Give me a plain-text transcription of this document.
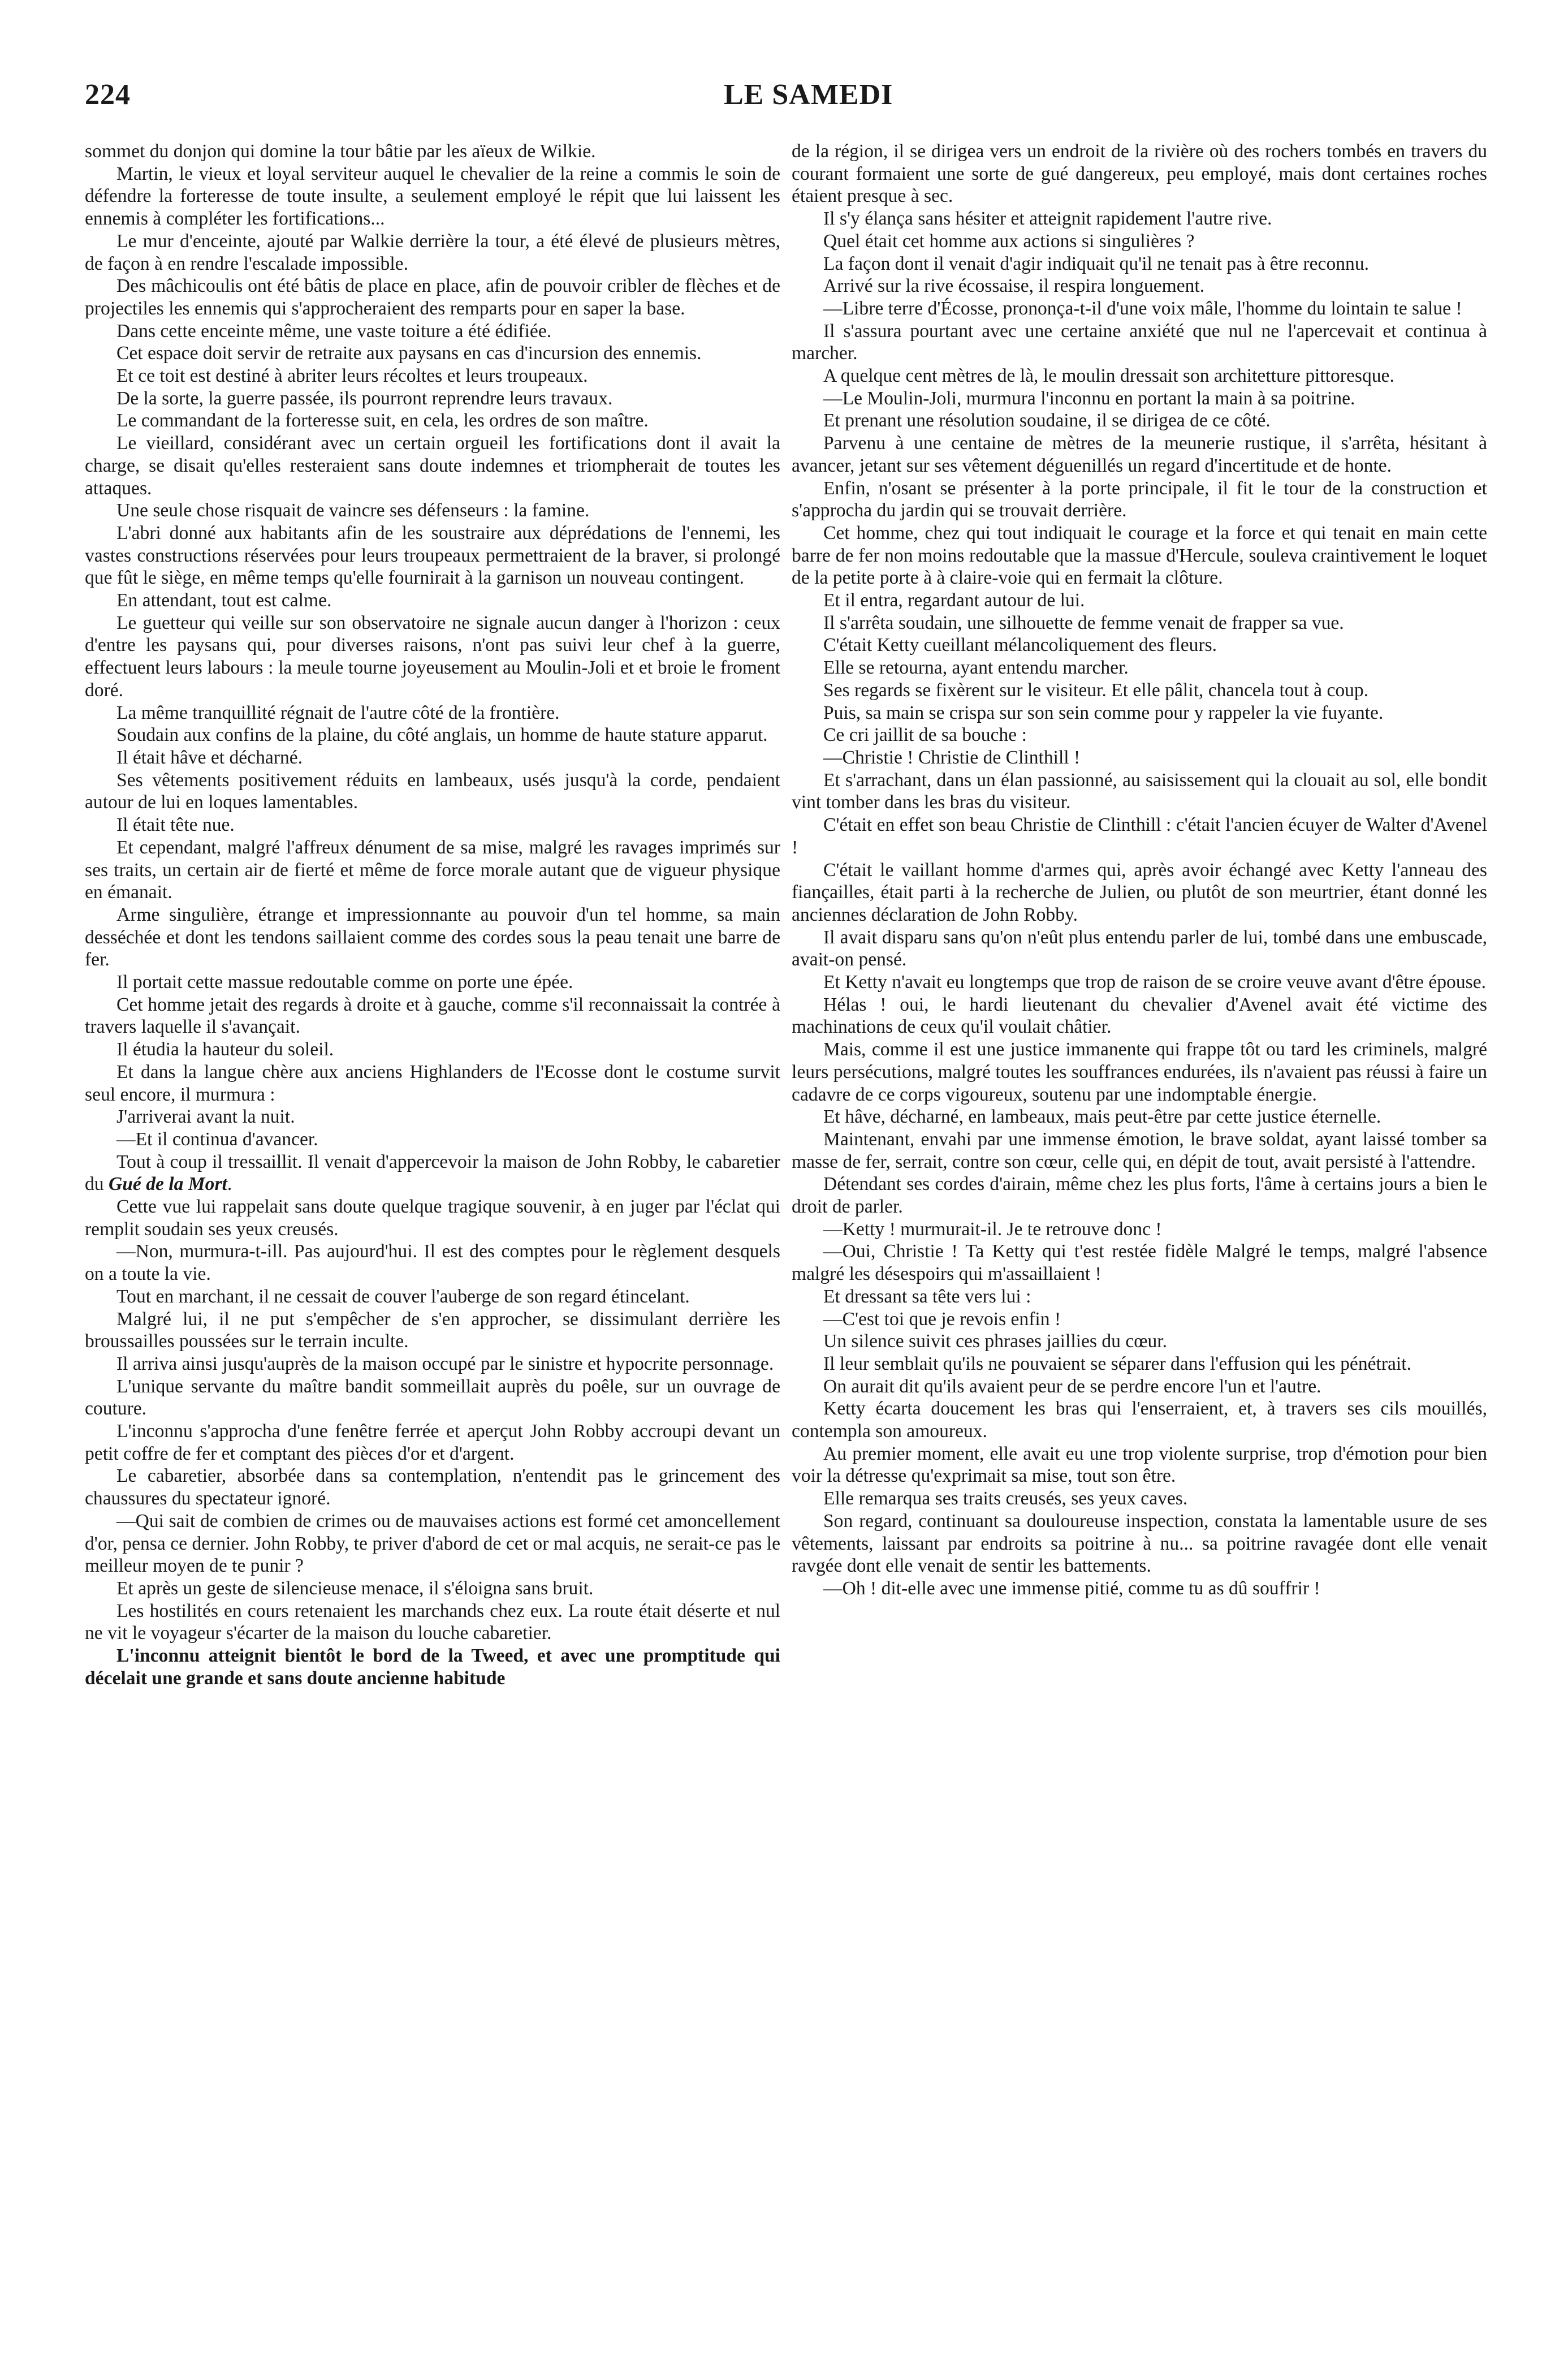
224	LE SAMEDI

sommet du donjon qui domine la tour bâtie par les aïeux de Wilkie.

Martin, le vieux et loyal serviteur auquel le chevalier de la reine a commis le soin de défendre la forteresse de toute insulte, a seulement employé le répit que lui laissent les ennemis à compléter les fortifications...

Le mur d'enceinte, ajouté par Walkie derrière la tour, a été élevé de plusieurs mètres, de façon à en rendre l'escalade impossible.

Des mâchicoulis ont été bâtis de place en place, afin de pouvoir cribler de flèches et de projectiles les ennemis qui s'approcheraient des remparts pour en saper la base.

Dans cette enceinte même, une vaste toiture a été édifiée.

Cet espace doit servir de retraite aux paysans en cas d'incursion des ennemis.

Et ce toit est destiné à abriter leurs récoltes et leurs troupeaux.

De la sorte, la guerre passée, ils pourront reprendre leurs travaux.

Le commandant de la forteresse suit, en cela, les ordres de son maître.

Le vieillard, considérant avec un certain orgueil les fortifications dont il avait la charge, se disait qu'elles resteraient sans doute indemnes et triompherait de toutes les attaques.

Une seule chose risquait de vaincre ses défenseurs : la famine.

L'abri donné aux habitants afin de les soustraire aux déprédations de l'ennemi, les vastes constructions réservées pour leurs troupeaux permettraient de la braver, si prolongé que fût le siège, en même temps qu'elle fournirait à la garnison un nouveau contingent.

En attendant, tout est calme.

Le guetteur qui veille sur son observatoire ne signale aucun danger à l'horizon : ceux d'entre les paysans qui, pour diverses raisons, n'ont pas suivi leur chef à la guerre, effectuent leurs labours : la meule tourne joyeusement au Moulin-Joli et et broie le froment doré.

La même tranquillité régnait de l'autre côté de la frontière.

Soudain aux confins de la plaine, du côté anglais, un homme de haute stature apparut.

Il était hâve et décharné.

Ses vêtements positivement réduits en lambeaux, usés jusqu'à la corde, pendaient autour de lui en loques lamentables.

Il était tête nue.

Et cependant, malgré l'affreux dénument de sa mise, malgré les ravages imprimés sur ses traits, un certain air de fierté et même de force morale autant que de vigueur physique en émanait.

Arme singulière, étrange et impressionnante au pouvoir d'un tel homme, sa main desséchée et dont les tendons saillaient comme des cordes sous la peau tenait une barre de fer.

Il portait cette massue redoutable comme on porte une épée.

Cet homme jetait des regards à droite et à gauche, comme s'il reconnaissait la contrée à travers laquelle il s'avançait.

Il étudia la hauteur du soleil.

Et dans la langue chère aux anciens Highlanders de l'Ecosse dont le costume survit seul encore, il murmura :

J'arriverai avant la nuit.

—Et il continua d'avancer.

Tout à coup il tressaillit. Il venait d'appercevoir la maison de John Robby, le cabaretier du Gué de la Mort.

Cette vue lui rappelait sans doute quelque tragique souvenir, à en juger par l'éclat qui remplit soudain ses yeux creusés.

—Non, murmura-t-ill. Pas aujourd'hui. Il est des comptes pour le règlement desquels on a toute la vie.

Tout en marchant, il ne cessait de couver l'auberge de son regard étincelant.

Malgré lui, il ne put s'empêcher de s'en approcher, se dissimulant derrière les broussailles poussées sur le terrain inculte.

Il arriva ainsi jusqu'auprès de la maison occupé par le sinistre et hypocrite personnage.

L'unique servante du maître bandit sommeillait auprès du poêle, sur un ouvrage de couture.

L'inconnu s'approcha d'une fenêtre ferrée et aperçut John Robby accroupi devant un petit coffre de fer et comptant des pièces d'or et d'argent.

Le cabaretier, absorbée dans sa contemplation, n'entendit pas le grincement des chaussures du spectateur ignoré.

—Qui sait de combien de crimes ou de mauvaises actions est formé cet amoncellement d'or, pensa ce dernier. John Robby, te priver d'abord de cet or mal acquis, ne serait-ce pas le meilleur moyen de te punir ?

Et après un geste de silencieuse menace, il s'éloigna sans bruit.

Les hostilités en cours retenaient les marchands chez eux. La route était déserte et nul ne vit le voyageur s'écarter de la maison du louche cabaretier.

L'inconnu atteignit bientôt le bord de la Tweed, et avec une promptitude qui décelait une grande et sans doute ancienne habitude

de la région, il se dirigea vers un endroit de la rivière où des rochers tombés en travers du courant formaient une sorte de gué dangereux, peu employé, mais dont certaines roches étaient presque à sec.

Il s'y élança sans hésiter et atteignit rapidement l'autre rive.

Quel était cet homme aux actions si singulières ?

La façon dont il venait d'agir indiquait qu'il ne tenait pas à être reconnu.

Arrivé sur la rive écossaise, il respira longuement.

—Libre terre d'Écosse, prononça-t-il d'une voix mâle, l'homme du lointain te salue !

Il s'assura pourtant avec une certaine anxiété que nul ne l'apercevait et continua à marcher.

A quelque cent mètres de là, le moulin dressait son architetture pittoresque.

—Le Moulin-Joli, murmura l'inconnu en portant la main à sa poitrine.

Et prenant une résolution soudaine, il se dirigea de ce côté.

Parvenu à une centaine de mètres de la meunerie rustique, il s'arrêta, hésitant à avancer, jetant sur ses vêtement déguenillés un regard d'incertitude et de honte.

Enfin, n'osant se présenter à la porte principale, il fit le tour de la construction et s'approcha du jardin qui se trouvait derrière.

Cet homme, chez qui tout indiquait le courage et la force et qui tenait en main cette barre de fer non moins redoutable que la massue d'Hercule, souleva craintivement le loquet de la petite porte à à claire-voie qui en fermait la clôture.

Et il entra, regardant autour de lui.

Il s'arrêta soudain, une silhouette de femme venait de frapper sa vue.

C'était Ketty cueillant mélancoliquement des fleurs.

Elle se retourna, ayant entendu marcher.

Ses regards se fixèrent sur le visiteur. Et elle pâlit, chancela tout à coup.

Puis, sa main se crispa sur son sein comme pour y rappeler la vie fuyante.

Ce cri jaillit de sa bouche :

—Christie ! Christie de Clinthill !

Et s'arrachant, dans un élan passionné, au saisissement qui la clouait au sol, elle bondit vint tomber dans les bras du visiteur.

C'était en effet son beau Christie de Clinthill : c'était l'ancien écuyer de Walter d'Avenel !

C'était le vaillant homme d'armes qui, après avoir échangé avec Ketty l'anneau des fiançailles, était parti à la recherche de Julien, ou plutôt de son meurtrier, étant donné les anciennes déclaration de John Robby.

Il avait disparu sans qu'on n'eût plus entendu parler de lui, tombé dans une embuscade, avait-on pensé.

Et Ketty n'avait eu longtemps que trop de raison de se croire veuve avant d'être épouse.

Hélas ! oui, le hardi lieutenant du chevalier d'Avenel avait été victime des machinations de ceux qu'il voulait châtier.

Mais, comme il est une justice immanente qui frappe tôt ou tard les criminels, malgré leurs persécutions, malgré toutes les souffrances endurées, ils n'avaient pas réussi à faire un cadavre de ce corps vigoureux, soutenu par une indomptable énergie.

Et hâve, décharné, en lambeaux, mais peut-être par cette justice éternelle.

Maintenant, envahi par une immense émotion, le brave soldat, ayant laissé tomber sa masse de fer, serrait, contre son cœur, celle qui, en dépit de tout, avait persisté à l'attendre.

Détendant ses cordes d'airain, même chez les plus forts, l'âme à certains jours a bien le droit de parler.

—Ketty ! murmurait-il. Je te retrouve donc !

—Oui, Christie ! Ta Ketty qui t'est restée fidèle Malgré le temps, malgré l'absence malgré les désespoirs qui m'assaillaient !

Et dressant sa tête vers lui :

—C'est toi que je revois enfin !

Un silence suivit ces phrases jaillies du cœur.

Il leur semblait qu'ils ne pouvaient se séparer dans l'effusion qui les pénétrait.

On aurait dit qu'ils avaient peur de se perdre encore l'un et l'autre.

Ketty écarta doucement les bras qui l'enserraient, et, à travers ses cils mouillés, contempla son amoureux.

Au premier moment, elle avait eu une trop violente surprise, trop d'émotion pour bien voir la détresse qu'exprimait sa mise, tout son être.

Elle remarqua ses traits creusés, ses yeux caves.

Son regard, continuant sa douloureuse inspection, constata la lamentable usure de ses vêtements, laissant par endroits sa poitrine à nu... sa poitrine ravagée dont elle venait ravgée dont elle venait de sentir les battements.

—Oh ! dit-elle avec une immense pitié, comme tu as dû souffrir !
